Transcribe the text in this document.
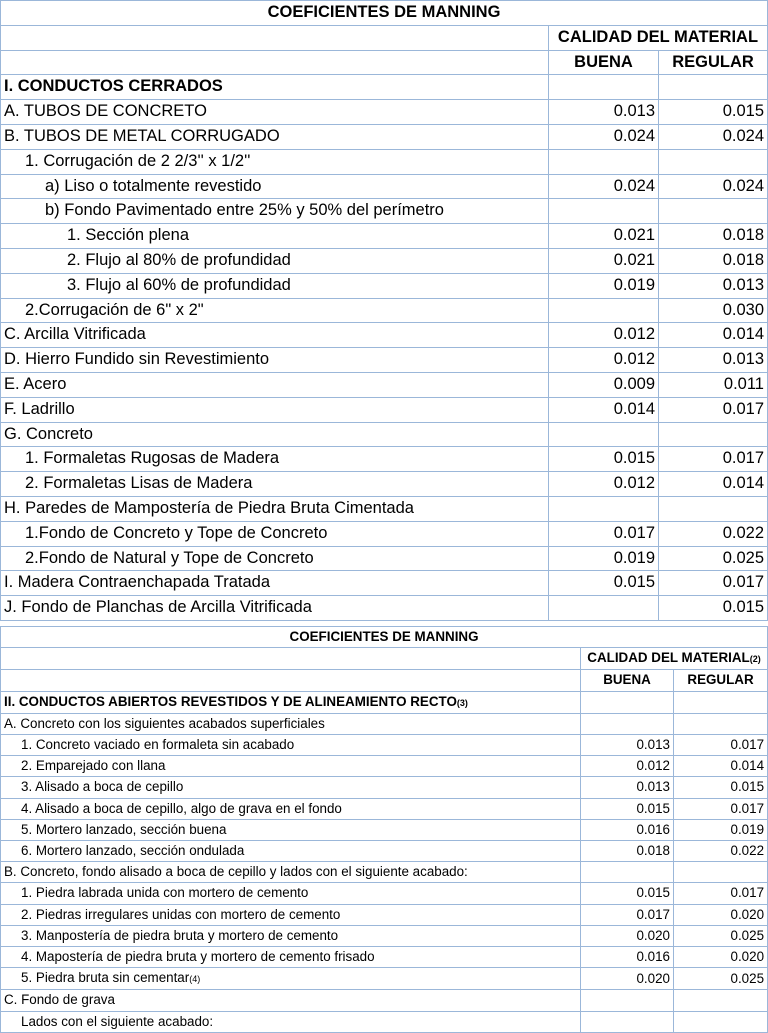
COEFICIENTES DE MANNING		
	CALIDAD DEL MATERIAL	
	BUENA	REGULAR
I. CONDUCTOS CERRADOS		
A. TUBOS DE CONCRETO	0.013	0.015
B. TUBOS DE METAL CORRUGADO	0.024	0.024
1. Corrugación de 2 2/3'' x 1/2''		
a) Liso o totalmente revestido	0.024	0.024
b) Fondo Pavimentado entre 25% y 50% del perímetro		
1. Sección plena	0.021	0.018
2. Flujo al 80% de profundidad	0.021	0.018
3. Flujo al 60% de profundidad	0.019	0.013
2.Corrugación de 6" x 2"		0.030
C. Arcilla Vitrificada	0.012	0.014
D. Hierro Fundido sin Revestimiento	0.012	0.013
E. Acero	0.009	0.011
F. Ladrillo	0.014	0.017
G. Concreto		
1. Formaletas Rugosas de Madera	0.015	0.017
2. Formaletas Lisas de Madera	0.012	0.014
H. Paredes de Mampostería de Piedra Bruta Cimentada		
1.Fondo de Concreto y Tope de Concreto	0.017	0.022
2.Fondo de Natural y Tope de Concreto	0.019	0.025
I. Madera Contraenchapada Tratada	0.015	0.017
J. Fondo de Planchas de Arcilla Vitrificada		0.015
COEFICIENTES DE MANNING		
	CALIDAD DEL MATERIAL(2)	
	BUENA	REGULAR
II. CONDUCTOS ABIERTOS REVESTIDOS Y DE ALINEAMIENTO RECTO(3)		
A. Concreto con los siguientes acabados superficiales		
1. Concreto vaciado en formaleta sin acabado	0.013	0.017
2. Emparejado con llana	0.012	0.014
3. Alisado a boca de cepillo	0.013	0.015
4. Alisado a boca de cepillo, algo de grava en el fondo	0.015	0.017
5. Mortero lanzado, sección buena	0.016	0.019
6. Mortero lanzado, sección ondulada	0.018	0.022
B. Concreto, fondo alisado a boca de cepillo y lados con el siguiente acabado:		
1. Piedra labrada unida con mortero de cemento	0.015	0.017
2. Piedras irregulares unidas con mortero de cemento	0.017	0.020
3. Manpostería de piedra bruta y mortero de cemento	0.020	0.025
4. Mapostería de piedra bruta y mortero de cemento frisado	0.016	0.020
5. Piedra bruta sin cementar(4)	0.020	0.025
C. Fondo de grava		
Lados con el siguiente acabado:		
